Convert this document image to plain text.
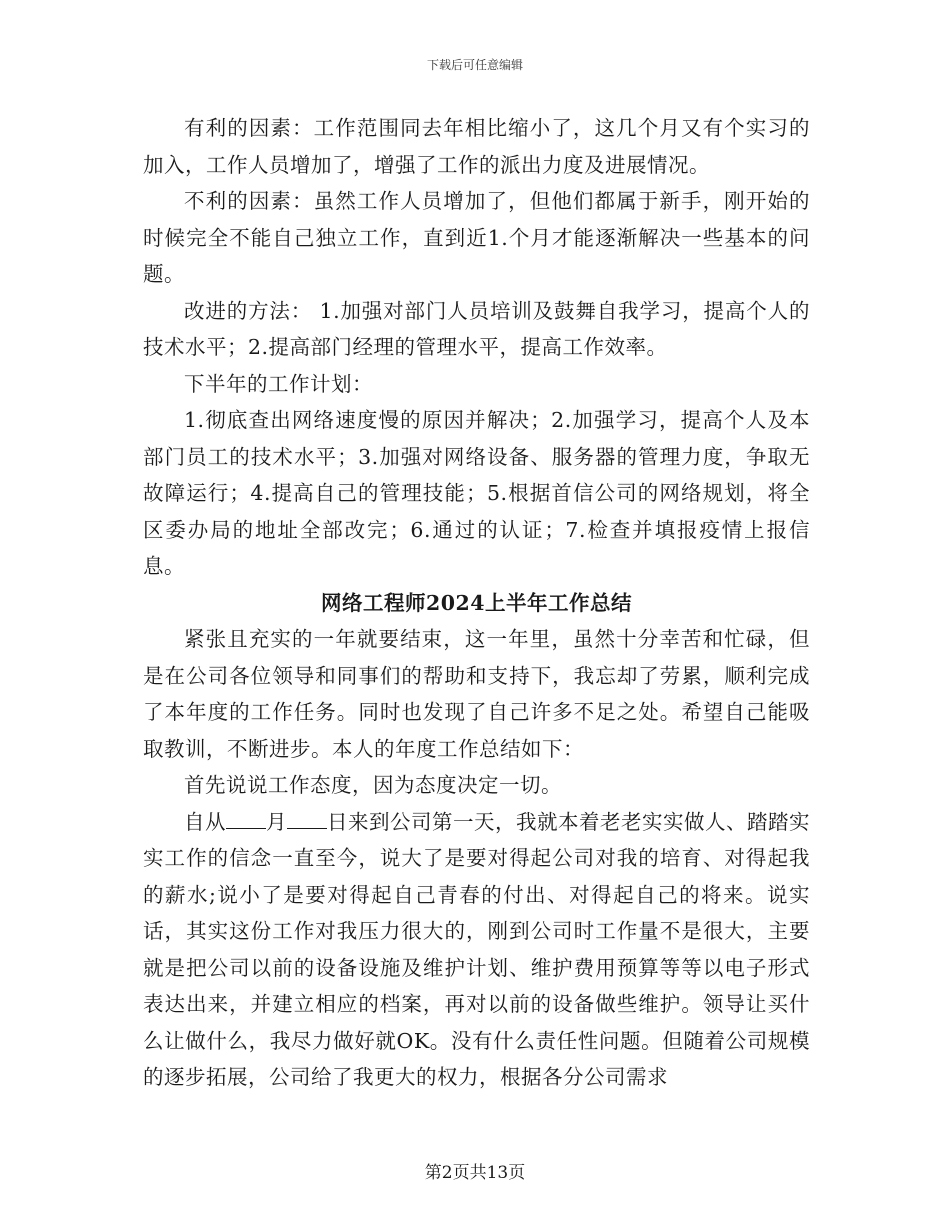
下载后可任意编辑

有利的因素：工作范围同去年相比缩小了，这几个月又有个实习的加入，工作人员增加了，增强了工作的派出力度及进展情况。

不利的因素：虽然工作人员增加了，但他们都属于新手，刚开始的时候完全不能自己独立工作，直到近1.个月才能逐渐解决一些基本的问题。

改进的方法： 1.加强对部门人员培训及鼓舞自我学习，提高个人的技术水平；2.提高部门经理的管理水平，提高工作效率。

下半年的工作计划：

1.彻底查出网络速度慢的原因并解决；2.加强学习，提高个人及本部门员工的技术水平；3.加强对网络设备、服务器的管理力度，争取无故障运行；4.提高自己的管理技能；5.根据首信公司的网络规划，将全区委办局的地址全部改完；6.通过的认证；7.检查并填报疫情上报信息。

网络工程师2024上半年工作总结

紧张且充实的一年就要结束，这一年里，虽然十分幸苦和忙碌，但是在公司各位领导和同事们的帮助和支持下，我忘却了劳累，顺利完成了本年度的工作任务。同时也发现了自己许多不足之处。希望自己能吸取教训，不断进步。本人的年度工作总结如下：

首先说说工作态度，因为态度决定一切。

自从 月 日来到公司第一天，我就本着老老实实做人、踏踏实实工作的信念一直至今，说大了是要对得起公司对我的培育、对得起我的薪水;说小了是要对得起自己青春的付出、对得起自己的将来。说实话，其实这份工作对我压力很大的，刚到公司时工作量不是很大，主要就是把公司以前的设备设施及维护计划、维护费用预算等等以电子形式表达出来，并建立相应的档案，再对以前的设备做些维护。领导让买什么让做什么，我尽力做好就OK。没有什么责任性问题。但随着公司规模的逐步拓展，公司给了我更大的权力，根据各分公司需求

第2页共13页
